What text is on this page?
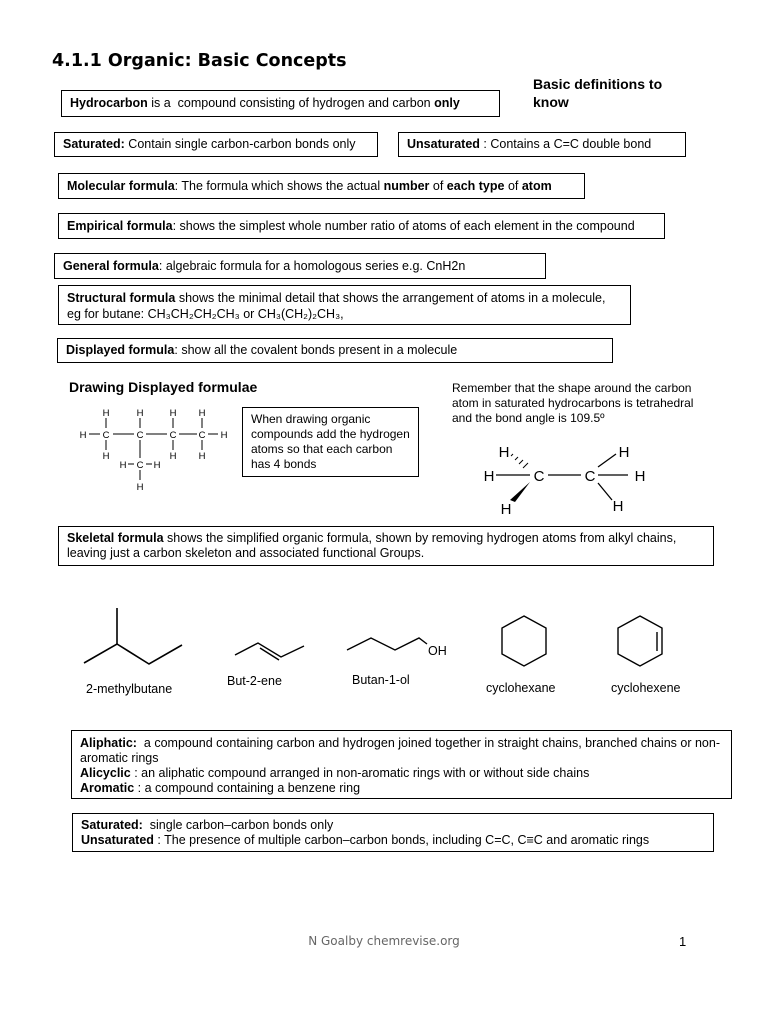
4.1.1 Organic: Basic Concepts
Basic definitions to know
Hydrocarbon is a  compound consisting of hydrogen and carbon only
Saturated: Contain single carbon-carbon bonds only	Unsaturated : Contains a C=C double bond
Molecular formula : The formula which shows the actual number of each type of atom
Empirical formula : shows the simplest whole number ratio of atoms of each element in the compound
General formula : algebraic formula for a homologous series e.g. CnH2n
Structural formula shows the minimal detail that shows the arrangement of atoms in a molecule, eg for butane: CH₃CH₂CH₂CH₃ or CH₃(CH₂)₂CH₃,
Displayed formula : show all the covalent bonds present in a molecule
Drawing Displayed formulae
H C	C	C C H
H	H	H H
H	H H
H C H
H
When drawing organic compounds add the hydrogen atoms so that each carbon has 4 bonds
Remember that the shape around the carbon atom in saturated hydrocarbons is tetrahedral and the bond angle is 109.5º
H
H	C	C
H
H
H	H
Skeletal formula shows the simplified organic formula, shown by removing hydrogen atoms from alkyl chains, leaving just a carbon skeleton and associated functional Groups.
2-methylbutane
But-2-ene
OH
Butan-1-ol
cyclohexane	cyclohexene
Aliphatic:  a compound containing carbon and hydrogen joined together in straight chains, branched chains or non-aromatic rings
Alicyclic : an aliphatic compound arranged in non-aromatic rings with or without side chains
Aromatic : a compound containing a benzene ring
Saturated:  single carbon–carbon bonds only
Unsaturated : The presence of multiple carbon–carbon bonds, including C=C, C≡C and aromatic rings
N Goalby chemrevise.org	1
